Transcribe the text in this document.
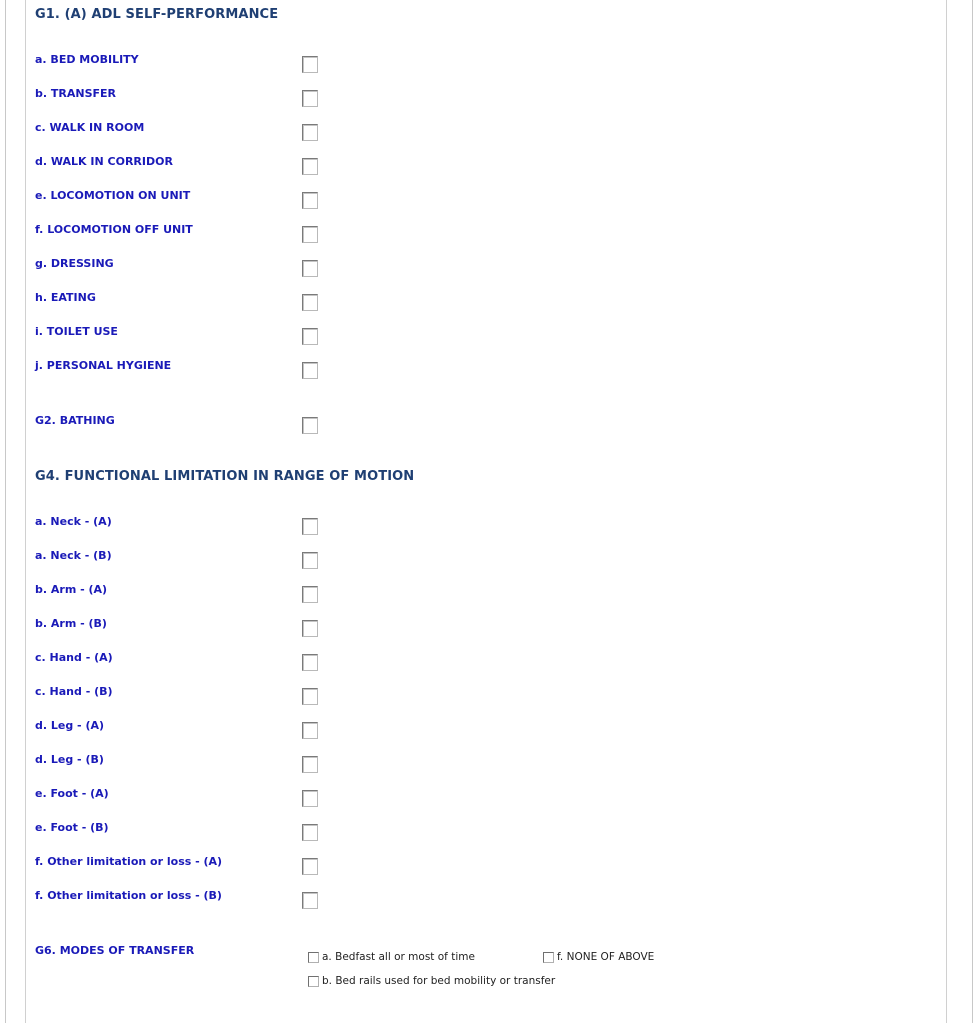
G1. (A) ADL SELF-PERFORMANCE
a. BED MOBILITY
b. TRANSFER
c. WALK IN ROOM
d. WALK IN CORRIDOR
e. LOCOMOTION ON UNIT
f. LOCOMOTION OFF UNIT
g. DRESSING
h. EATING
i. TOILET USE
j. PERSONAL HYGIENE
G2. BATHING
G4. FUNCTIONAL LIMITATION IN RANGE OF MOTION
a. Neck - (A)
a. Neck - (B)
b. Arm - (A)
b. Arm - (B)
c. Hand - (A)
c. Hand - (B)
d. Leg - (A)
d. Leg - (B)
e. Foot - (A)
e. Foot - (B)
f. Other limitation or loss - (A)
f. Other limitation or loss - (B)
G6. MODES OF TRANSFER	a. Bedfast all or most of time	f. NONE OF ABOVE
b. Bed rails used for bed mobility or transfer
